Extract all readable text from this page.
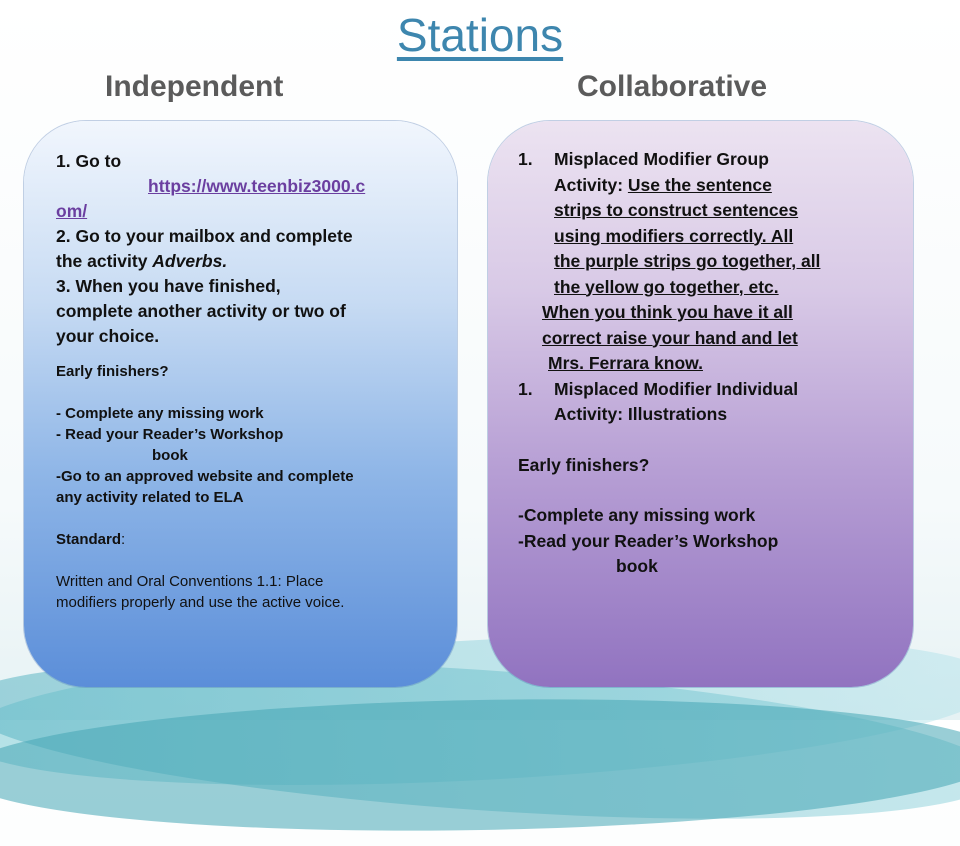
Stations
Independent	Collaborative
1. Go to
https://www.teenbiz3000.c
om/
2. Go to your mailbox and complete
the activity Adverbs.
3. When you have finished,
complete another activity or two of
your choice.
Early finishers?
- Complete any missing work
- Read your Reader’s Workshop
book
-Go to an approved website and complete
any activity related to ELA
Standard:
Written and Oral Conventions 1.1: Place
modifiers properly and use the active voice.
1.	Misplaced Modifier Group
Activity: Use the sentence
strips to construct sentences
using modifiers correctly. All
the purple strips go together, all
the yellow go together, etc.
When you think you have it all
correct raise your hand and let
Mrs. Ferrara know.
1.	Misplaced Modifier Individual
Activity: Illustrations
Early finishers?
-Complete any missing work
-Read your Reader’s Workshop
book
